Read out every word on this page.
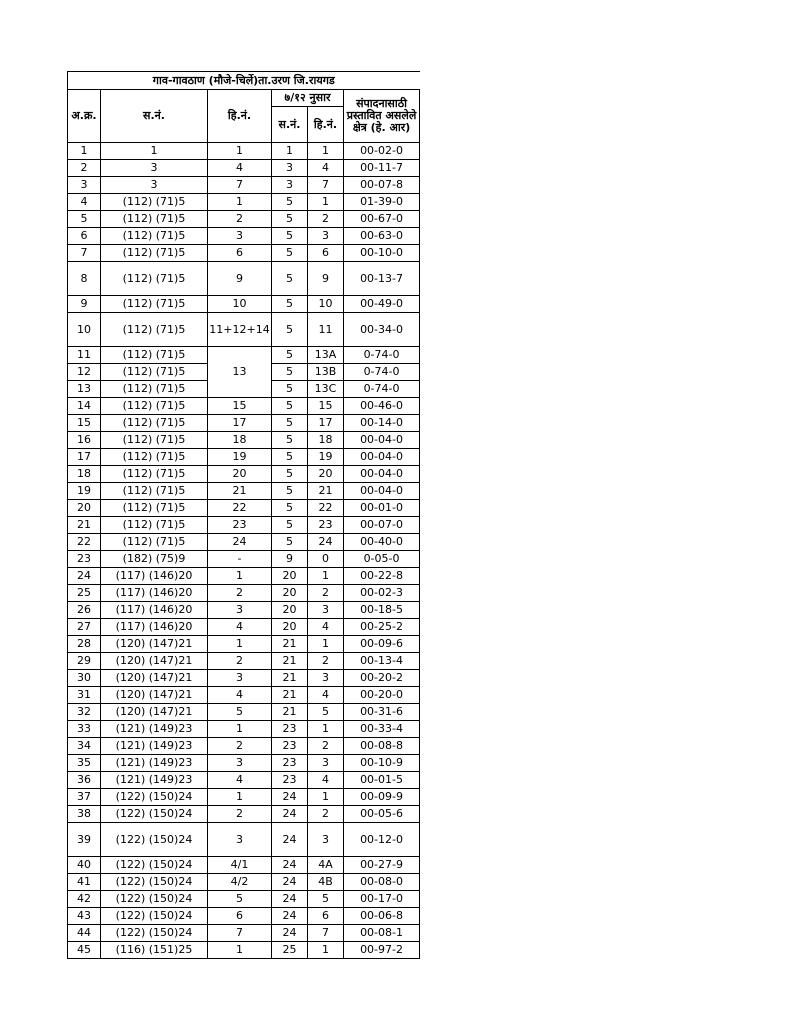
गाव-गावठाण (मौजे-चिर्ले)ता.उरण जि.रायगड					
अ.क्र.	स.नं.	हि.नं.	७/१२ नुसार		संपादनासाठी
प्रस्तावित असलेले
क्षेत्र (हे. आर)

			स.नं.	हि.नं.	
1	1	1	1	1	00-02-0
2	3	4	3	4	00-11-7
3	3	7	3	7	00-07-8
4	(112) (71)5	1	5	1	01-39-0
5	(112) (71)5	2	5	2	00-67-0
6	(112) (71)5	3	5	3	00-63-0
7	(112) (71)5	6	5	6	00-10-0
8	(112) (71)5	9	5	9	00-13-7
9	(112) (71)5	10	5	10	00-49-0
10	(112) (71)5	11+12+14	5	11	00-34-0
11	(112) (71)5	13	5	13A	0-74-0
12	(112) (71)5		5	13B	0-74-0
13	(112) (71)5		5	13C	0-74-0
14	(112) (71)5	15	5	15	00-46-0
15	(112) (71)5	17	5	17	00-14-0
16	(112) (71)5	18	5	18	00-04-0
17	(112) (71)5	19	5	19	00-04-0
18	(112) (71)5	20	5	20	00-04-0
19	(112) (71)5	21	5	21	00-04-0
20	(112) (71)5	22	5	22	00-01-0
21	(112) (71)5	23	5	23	00-07-0
22	(112) (71)5	24	5	24	00-40-0
23	(182) (75)9	-	9	0	0-05-0
24	(117) (146)20	1	20	1	00-22-8
25	(117) (146)20	2	20	2	00-02-3
26	(117) (146)20	3	20	3	00-18-5
27	(117) (146)20	4	20	4	00-25-2
28	(120) (147)21	1	21	1	00-09-6
29	(120) (147)21	2	21	2	00-13-4
30	(120) (147)21	3	21	3	00-20-2
31	(120) (147)21	4	21	4	00-20-0
32	(120) (147)21	5	21	5	00-31-6
33	(121) (149)23	1	23	1	00-33-4
34	(121) (149)23	2	23	2	00-08-8
35	(121) (149)23	3	23	3	00-10-9
36	(121) (149)23	4	23	4	00-01-5
37	(122) (150)24	1	24	1	00-09-9
38	(122) (150)24	2	24	2	00-05-6
39	(122) (150)24	3	24	3	00-12-0
40	(122) (150)24	4/1	24	4A	00-27-9
41	(122) (150)24	4/2	24	4B	00-08-0
42	(122) (150)24	5	24	5	00-17-0
43	(122) (150)24	6	24	6	00-06-8
44	(122) (150)24	7	24	7	00-08-1
45	(116) (151)25	1	25	1	00-97-2
